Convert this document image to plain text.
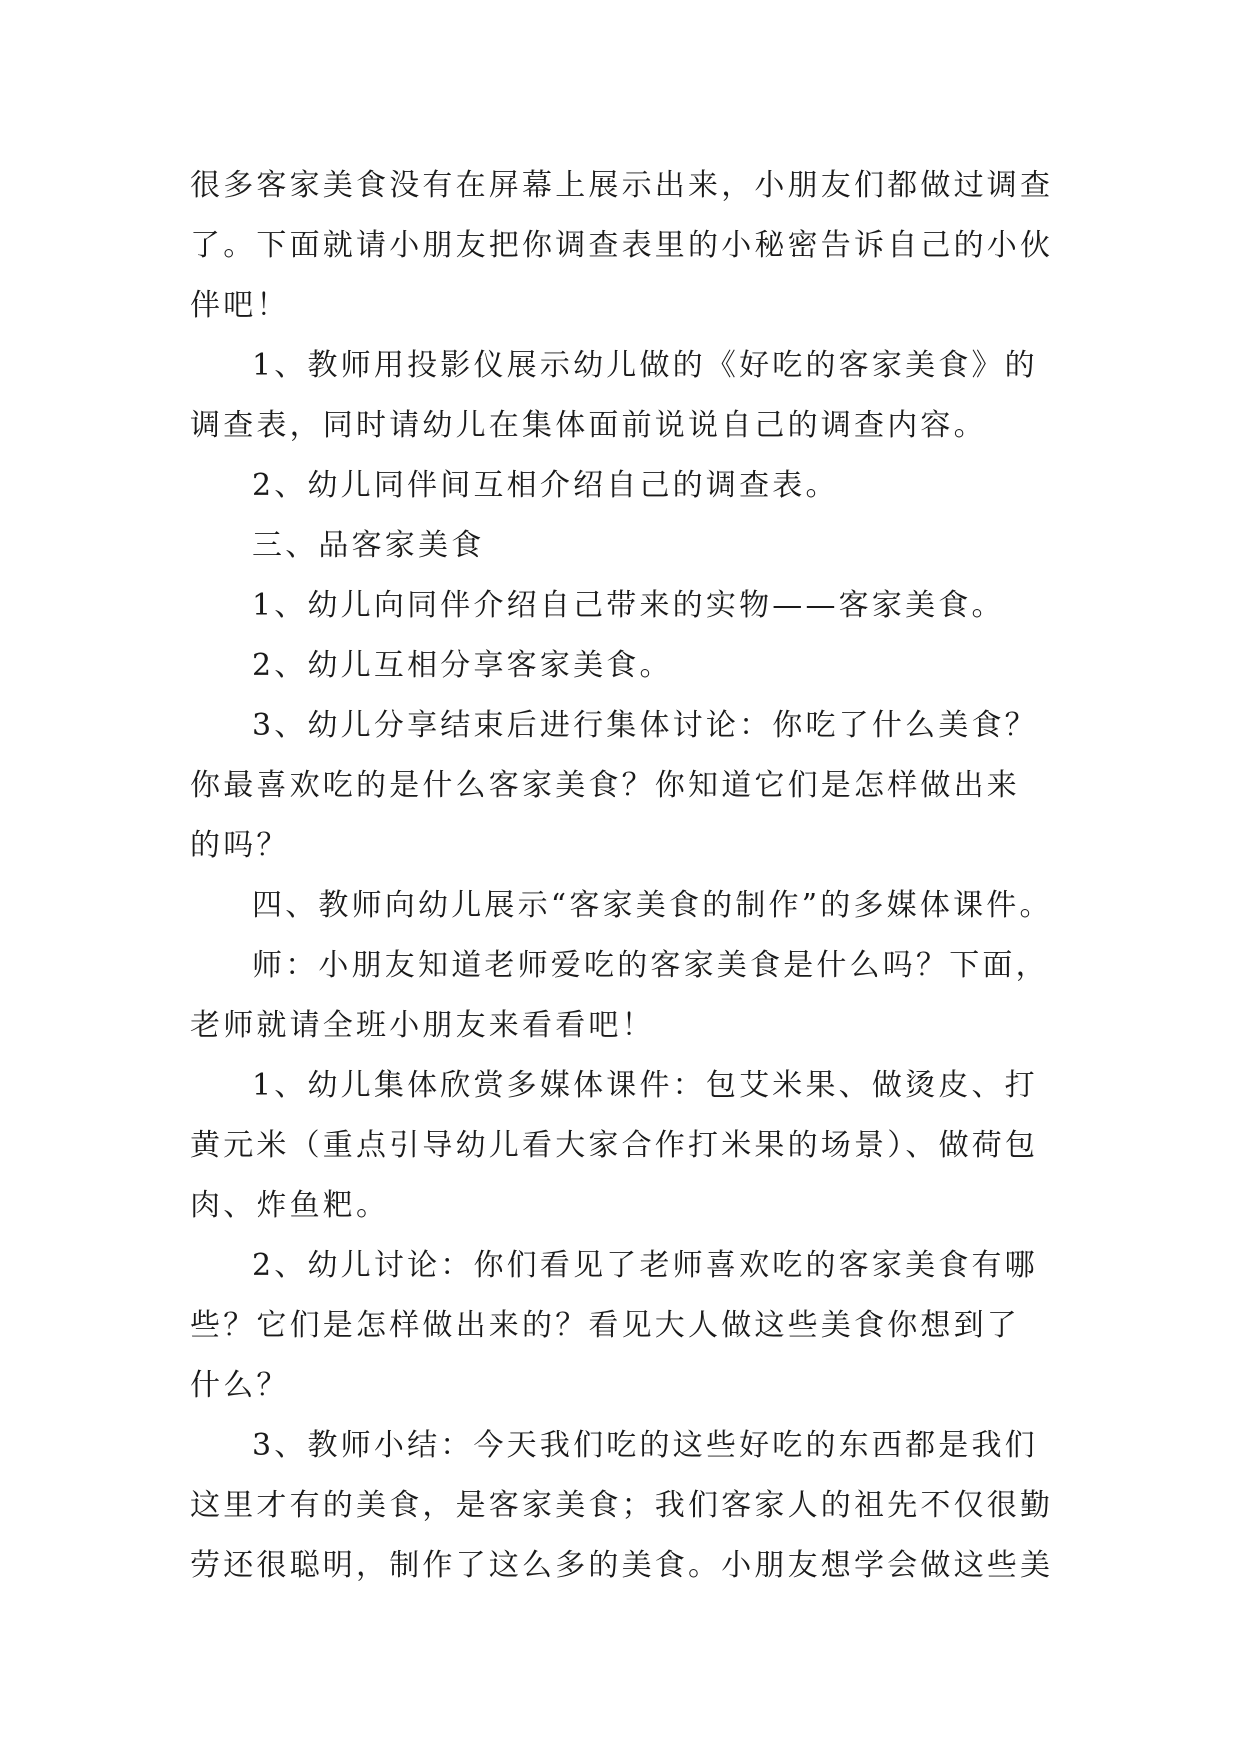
很多客家美食没有在屏幕上展示出来，小朋友们都做过调查
了。下面就请小朋友把你调查表里的小秘密告诉自己的小伙
伴吧！

1、教师用投影仪展示幼儿做的《好吃的客家美食》的
调查表，同时请幼儿在集体面前说说自己的调查内容。

2、幼儿同伴间互相介绍自己的调查表。

三、品客家美食

1、幼儿向同伴介绍自己带来的实物——客家美食。

2、幼儿互相分享客家美食。

3、幼儿分享结束后进行集体讨论：你吃了什么美食？
你最喜欢吃的是什么客家美食？你知道它们是怎样做出来
的吗？

四、教师向幼儿展示“客家美食的制作”的多媒体课件。

师：小朋友知道老师爱吃的客家美食是什么吗？下面，
老师就请全班小朋友来看看吧！

1、幼儿集体欣赏多媒体课件：包艾米果、做烫皮、打
黄元米（重点引导幼儿看大家合作打米果的场景）、做荷包
肉、炸鱼粑。

2、幼儿讨论：你们看见了老师喜欢吃的客家美食有哪
些？它们是怎样做出来的？看见大人做这些美食你想到了
什么？

3、教师小结：今天我们吃的这些好吃的东西都是我们
这里才有的美食，是客家美食；我们客家人的祖先不仅很勤
劳还很聪明，制作了这么多的美食。小朋友想学会做这些美
